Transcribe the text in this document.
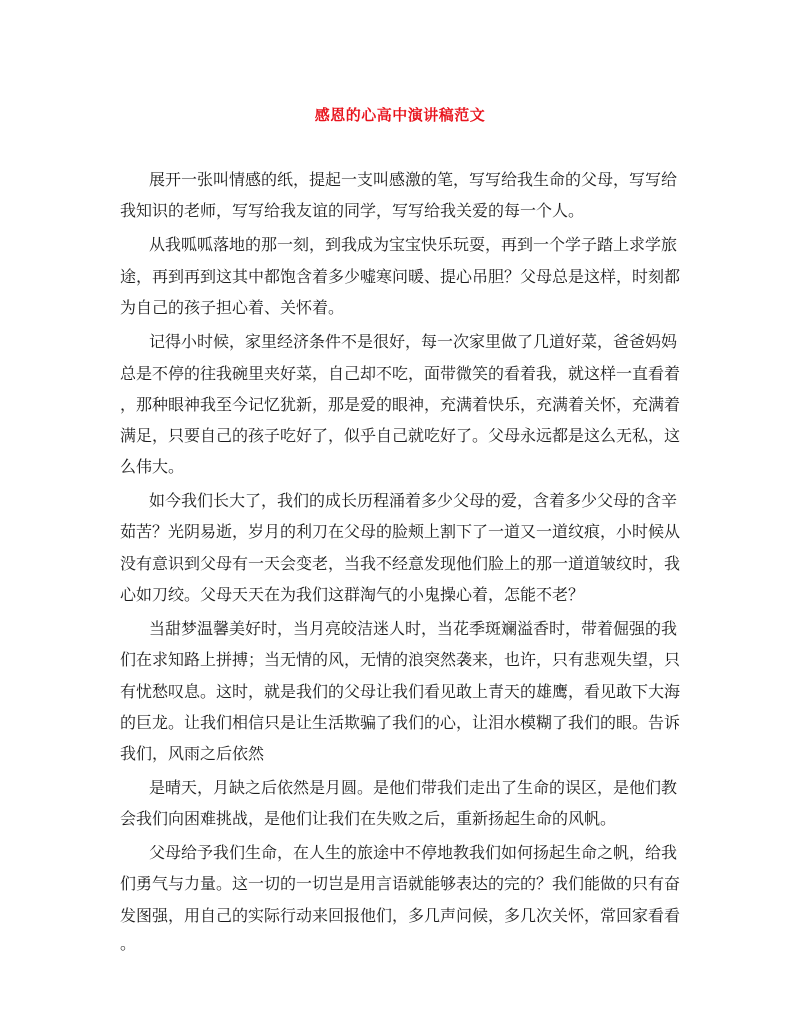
感恩的心高中演讲稿范文
展开一张叫情感的纸，提起一支叫感激的笔，写写给我生命的父母，写写给
我知识的老师，写写给我友谊的同学，写写给我关爱的每一个人。
从我呱呱落地的那一刻，到我成为宝宝快乐玩耍，再到一个学子踏上求学旅
途，再到再到这其中都饱含着多少嘘寒问暖、提心吊胆？父母总是这样，时刻都
为自己的孩子担心着、关怀着。
记得小时候，家里经济条件不是很好，每一次家里做了几道好菜，爸爸妈妈
总是不停的往我碗里夹好菜，自己却不吃，面带微笑的看着我，就这样一直看着
，那种眼神我至今记忆犹新，那是爱的眼神，充满着快乐，充满着关怀，充满着
满足，只要自己的孩子吃好了，似乎自己就吃好了。父母永远都是这么无私，这
么伟大。
如今我们长大了，我们的成长历程涌着多少父母的爱，含着多少父母的含辛
茹苦？光阴易逝，岁月的利刀在父母的脸颊上割下了一道又一道纹痕，小时候从
没有意识到父母有一天会变老，当我不经意发现他们脸上的那一道道皱纹时，我
心如刀绞。父母天天在为我们这群淘气的小鬼操心着，怎能不老？
当甜梦温馨美好时，当月亮皎洁迷人时，当花季斑斓溢香时，带着倔强的我
们在求知路上拼搏；当无情的风，无情的浪突然袭来，也许，只有悲观失望，只
有忧愁叹息。这时，就是我们的父母让我们看见敢上青天的雄鹰，看见敢下大海
的巨龙。让我们相信只是让生活欺骗了我们的心，让泪水模糊了我们的眼。告诉
我们，风雨之后依然
是晴天，月缺之后依然是月圆。是他们带我们走出了生命的误区，是他们教
会我们向困难挑战，是他们让我们在失败之后，重新扬起生命的风帆。
父母给予我们生命，在人生的旅途中不停地教我们如何扬起生命之帆，给我
们勇气与力量。这一切的一切岂是用言语就能够表达的完的？我们能做的只有奋
发图强，用自己的实际行动来回报他们，多几声问候，多几次关怀，常回家看看
。
